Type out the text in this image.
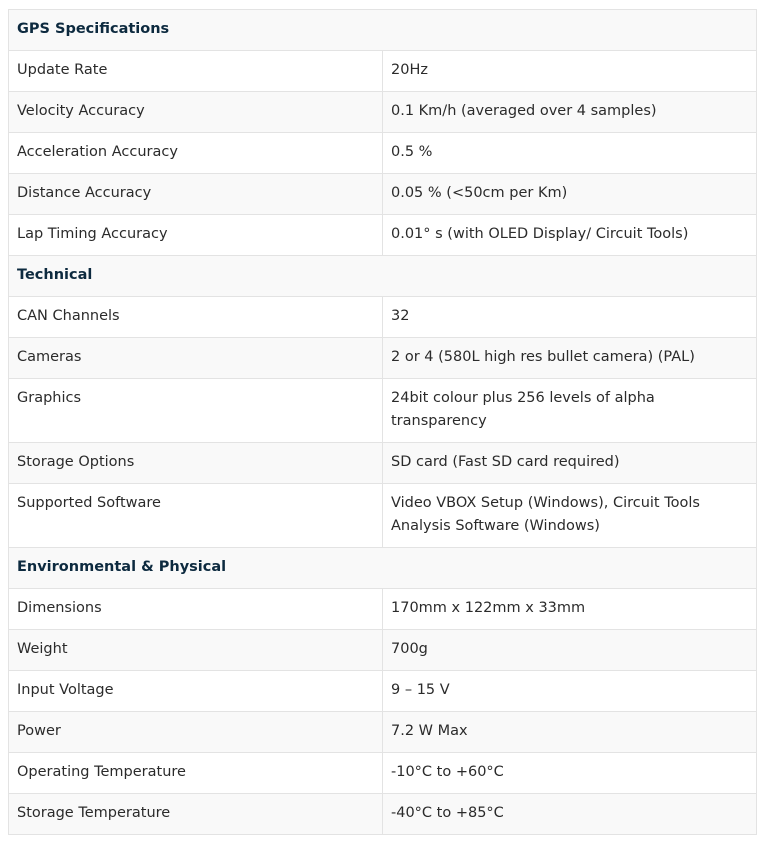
GPS Specifications	
Update Rate	20Hz
Velocity Accuracy	0.1 Km/h (averaged over 4 samples)
Acceleration Accuracy	0.5 %
Distance Accuracy	0.05 % (<50cm per Km)
Lap Timing Accuracy	0.01° s (with OLED Display/ Circuit Tools)
Technical	
CAN Channels	32
Cameras	2 or 4 (580L high res bullet camera) (PAL)
Graphics	24bit colour plus 256 levels of alpha transparency
Storage Options	SD card (Fast SD card required)
Supported Software	Video VBOX Setup (Windows), Circuit Tools Analysis Software (Windows)
Environmental & Physical	
Dimensions	170mm x 122mm x 33mm
Weight	700g
Input Voltage	9 – 15 V
Power	7.2 W Max
Operating Temperature	-10°C to +60°C
Storage Temperature	-40°C to +85°C
